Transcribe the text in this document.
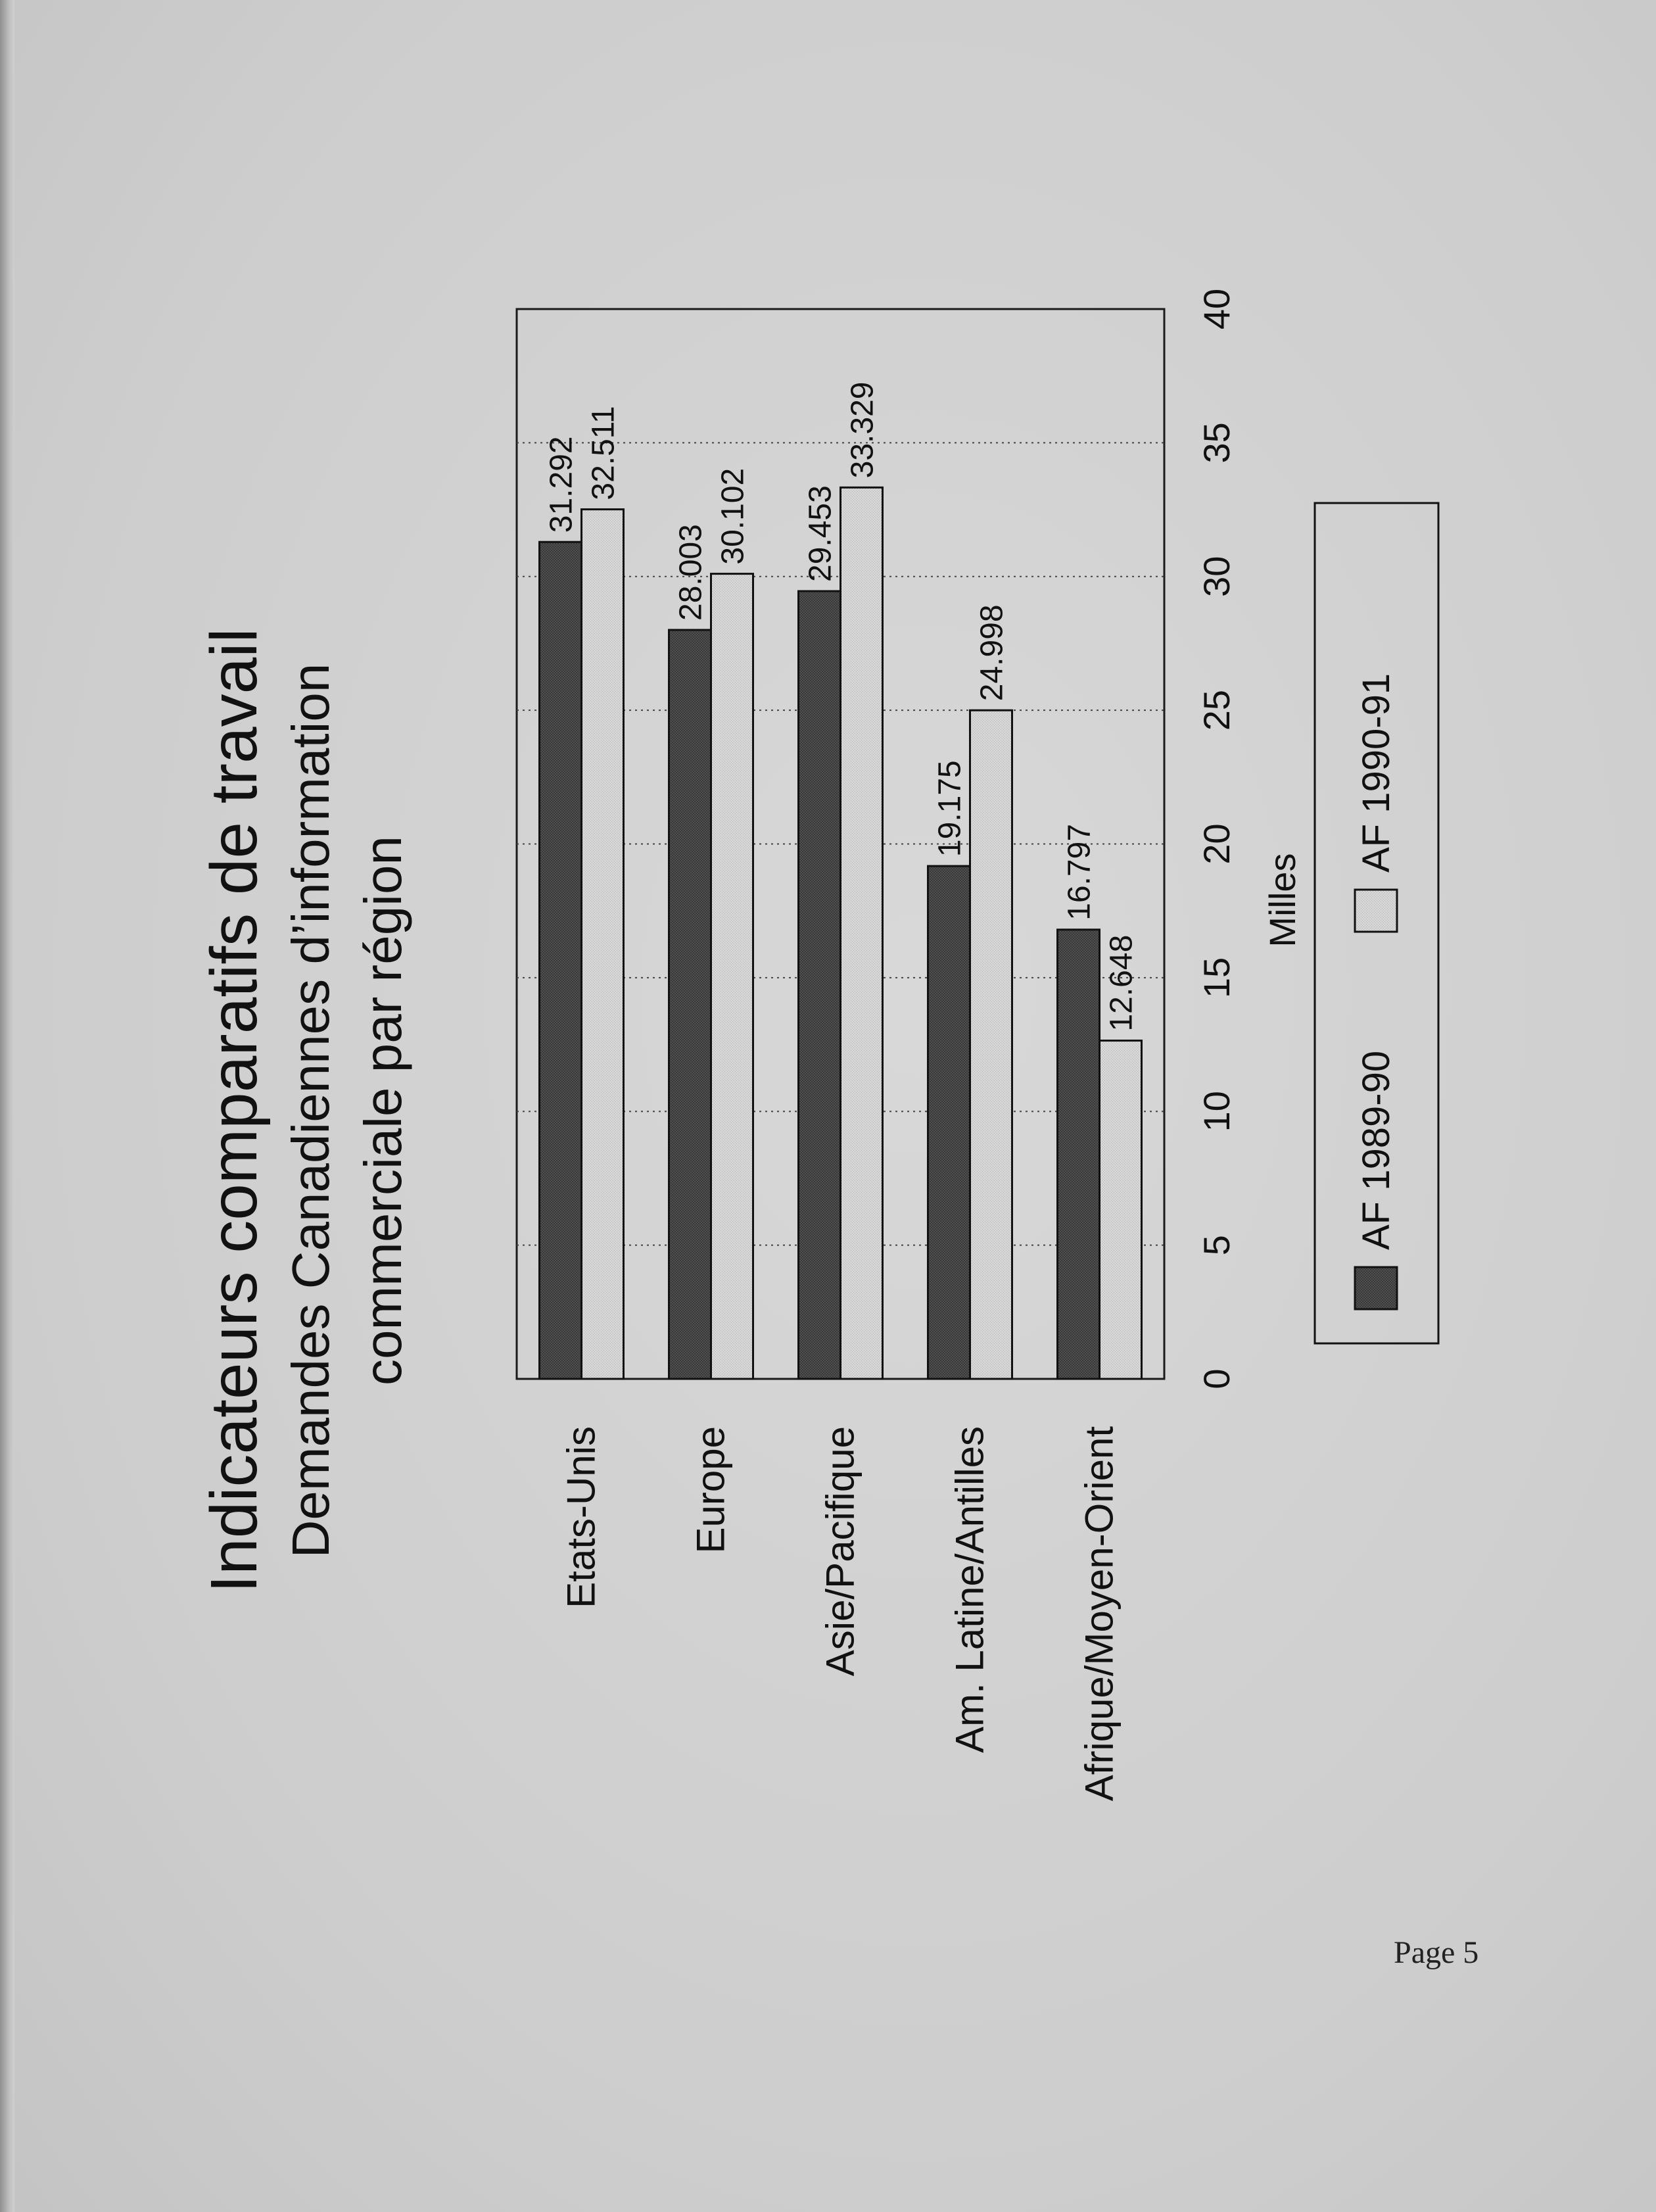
Indicateurs comparatifs de travail Demandes Canadiennes d’information commerciale par région
31.292 32.511
28.003
30.102 29.453
33.329
19.175
24.998
16.797
12.648
Etats-Unis Europe Asie/Pacifique Am. Latine/Antilles Afrique/Moyen-Orient
0
5
10
15
20
25
30
35
40
Milles
AF 1989-90
AF 1990-91
Page 5
